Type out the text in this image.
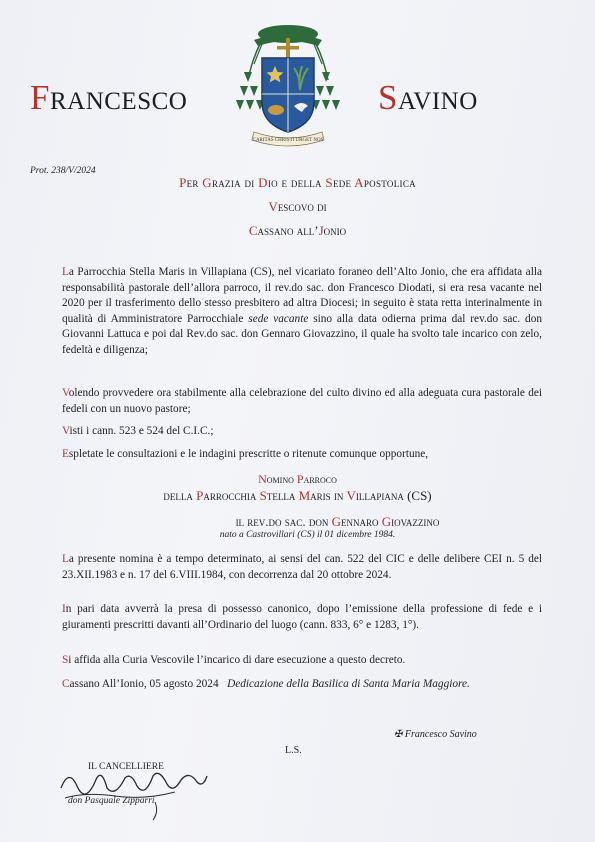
Francesco	Savino
CARITAS CHRISTI URGET NOS
Prot. 238/V/2024
Per Grazia di Dio e della Sede Apostolica
Vescovo di
Cassano all’Jonio
La Parrocchia Stella Maris in Villapiana (CS), nel vicariato foraneo dell’Alto Jonio, che era affidata alla responsabilità pastorale dell’allora parroco, il rev.do sac. don Francesco Diodati, si era resa vacante nel 2020 per il trasferimento dello stesso presbitero ad altra Diocesi; in seguito è stata retta interinalmente in qualità di Amministratore Parrocchiale sede vacante sino alla data odierna prima dal rev.do sac. don Giovanni Lattuca e poi dal Rev.do sac. don Gennaro Giovazzino, il quale ha svolto tale incarico con zelo, fedeltà e diligenza;
Volendo provvedere ora stabilmente alla celebrazione del culto divino ed alla adeguata cura pastorale dei fedeli con un nuovo pastore;
Visti i cann. 523 e 524 del C.I.C.;
Espletate le consultazioni e le indagini prescritte o ritenute comunque opportune,
Nomino Parroco
della Parrocchia Stella Maris in Villapiana (CS)
il rev.do sac. don Gennaro Giovazzino
nato a Castrovillari (CS) il 01 dicembre 1984.
La presente nomina è a tempo determinato, ai sensi del can. 522 del CIC e delle delibere CEI n. 5 del 23.XII.1983 e n. 17 del 6.VIII.1984, con decorrenza dal 20 ottobre 2024.
In pari data avverrà la presa di possesso canonico, dopo l’emissione della professione di fede e i giuramenti prescritti davanti all’Ordinario del luogo (cann. 833, 6° e 1283, 1°).
Si affida alla Curia Vescovile l’incarico di dare esecuzione a questo decreto.
Cassano All’Ionio, 05 agosto 2024 Dedicazione della Basilica di Santa Maria Maggiore.
✠ Francesco Savino
L.S.
IL CANCELLIERE
don Pasquale Zipparri
